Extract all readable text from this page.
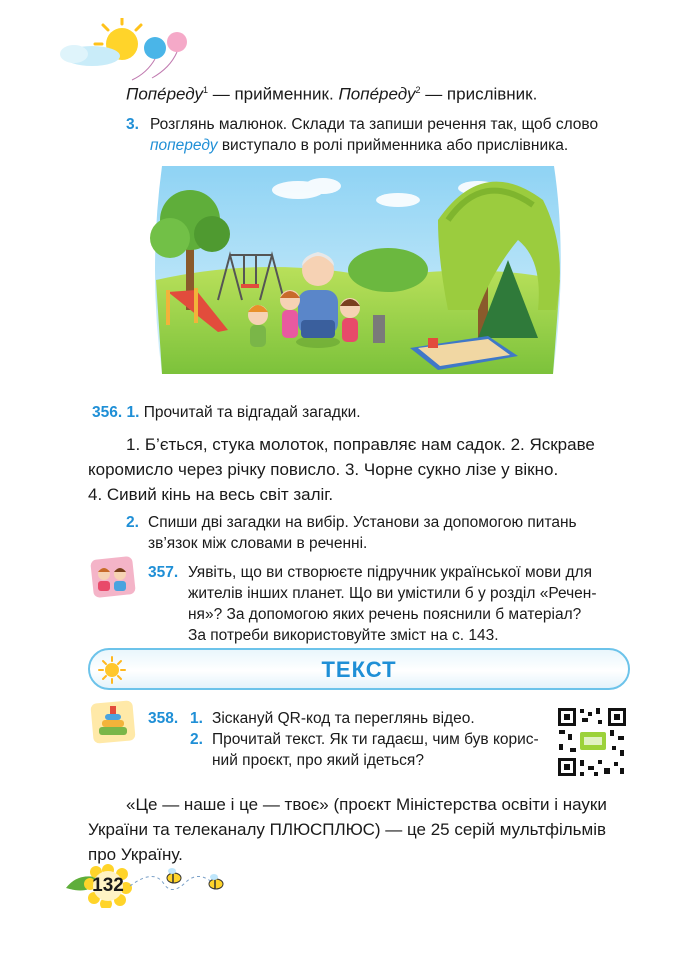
Попе́реду$^1$ — прийменник. Попе́реду$^2$ — прислівник.

3. Розглянь малюнок. Склади та запиши речення так, щоб слово
попереду виступало в ролі прийменника або прислівника.

356. 1. Прочитай та відгадай загадки.

1. Б’ється, стука молоток, поправляє нам садок. 2. Яскраве
коромисло через річку повисло. 3. Чорне сукно лізе у вікно.
4. Сивий кінь на весь світ заліг.

2. Спиши дві загадки на вибір. Установи за допомогою питань
зв’язок між словами в реченні.

357. Уявіть, що ви створюєте підручник української мови для
жителів інших планет. Що ви умістили б у розділ «Речен-
ня»? За допомогою яких речень пояснили б матеріал?
За потреби використовуйте зміст на с. 143.

ТЕКСТ
358. 1. Зіскануй QR-код та переглянь відео.
2. Прочитай текст. Як ти гадаєш, чим був корис-
ний проєкт, про який ідеться?

«Це — наше і це — твоє» (проєкт Міністерства освіти і науки
України та телеканалу ПЛЮСПЛЮС) — це 25 серій мультфільмів
про Україну.

132
